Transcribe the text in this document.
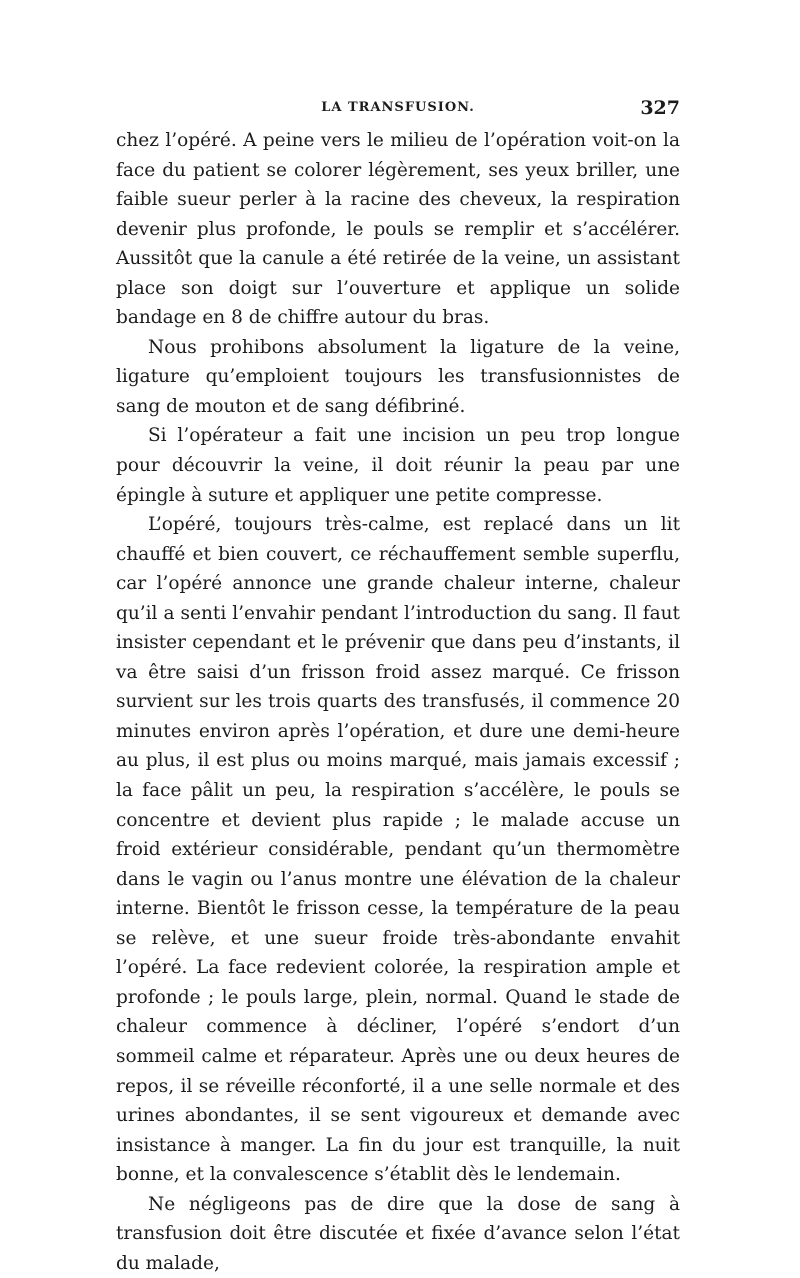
LA TRANSFUSION.	327

chez l’opéré. A peine vers le milieu de l’opération voit-on la face du patient se colorer légèrement, ses yeux briller, une faible sueur perler à la racine des cheveux, la respiration devenir plus profonde, le pouls se remplir et s’accélérer. Aussitôt que la canule a été retirée de la veine, un assistant place son doigt sur l’ouverture et applique un solide bandage en 8 de chiffre autour du bras.

Nous prohibons absolument la ligature de la veine, ligature qu’emploient toujours les transfusionnistes de sang de mouton et de sang défibriné.

Si l’opérateur a fait une incision un peu trop longue pour découvrir la veine, il doit réunir la peau par une épingle à suture et appliquer une petite compresse.

L’opéré, toujours très-calme, est replacé dans un lit chauffé et bien couvert, ce réchauffement semble superflu, car l’opéré annonce une grande chaleur interne, chaleur qu’il a senti l’envahir pendant l’introduction du sang. Il faut insister cependant et le prévenir que dans peu d’instants, il va être saisi d’un frisson froid assez marqué. Ce frisson survient sur les trois quarts des transfusés, il commence 20 minutes environ après l’opération, et dure une demi-heure au plus, il est plus ou moins marqué, mais jamais excessif ; la face pâlit un peu, la respiration s’accélère, le pouls se concentre et devient plus rapide ; le malade accuse un froid extérieur considérable, pendant qu’un thermomètre dans le vagin ou l’anus montre une élévation de la chaleur interne. Bientôt le frisson cesse, la température de la peau se relève, et une sueur froide très-abondante envahit l’opéré. La face redevient colorée, la respiration ample et profonde ; le pouls large, plein, normal. Quand le stade de chaleur commence à décliner, l’opéré s’endort d’un sommeil calme et réparateur. Après une ou deux heures de repos, il se réveille réconforté, il a une selle normale et des urines abondantes, il se sent vigoureux et demande avec insistance à manger. La fin du jour est tranquille, la nuit bonne, et la convalescence s’établit dès le lendemain.

Ne négligeons pas de dire que la dose de sang à transfusion doit être discutée et fixée d’avance selon l’état du malade,
